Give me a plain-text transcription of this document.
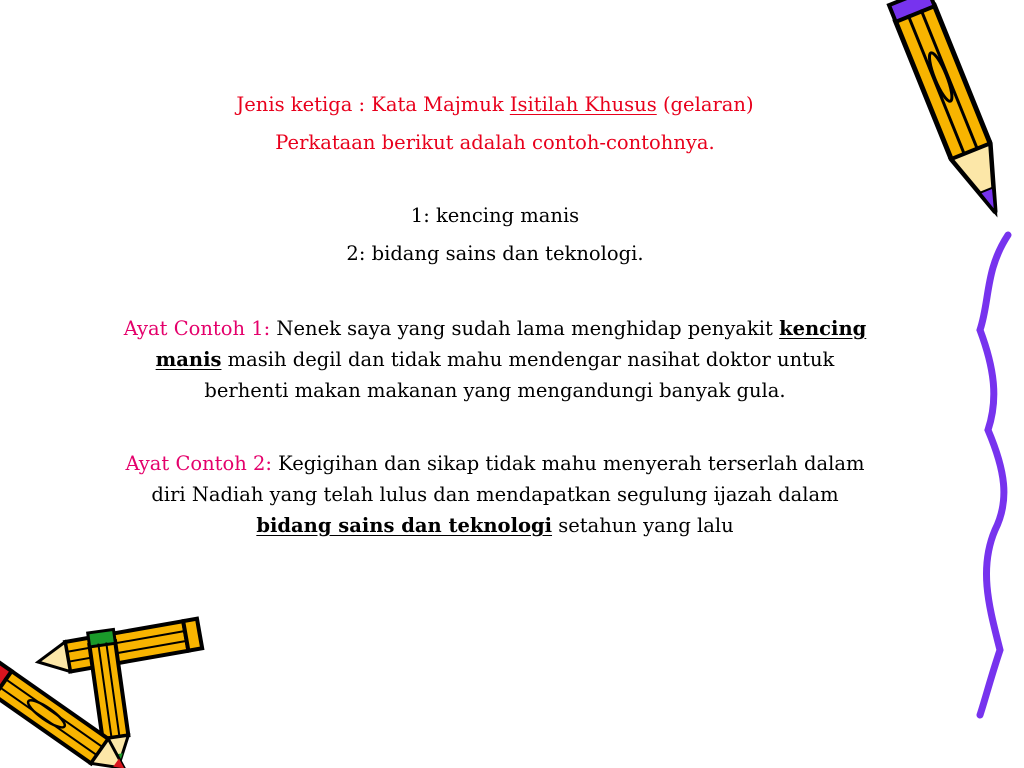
Jenis ketiga : Kata Majmuk Isitilah Khusus (gelaran)
Perkataan berikut adalah contoh-contohnya.
1: kencing manis
2: bidang sains dan teknologi.
Ayat Contoh 1: Nenek saya yang sudah lama menghidap penyakit kencing
manis masih degil dan tidak mahu mendengar nasihat doktor untuk
berhenti makan makanan yang mengandungi banyak gula.
Ayat Contoh 2: Kegigihan dan sikap tidak mahu menyerah terserlah dalam
diri Nadiah yang telah lulus dan mendapatkan segulung ijazah dalam
bidang sains dan teknologi setahun yang lalu
